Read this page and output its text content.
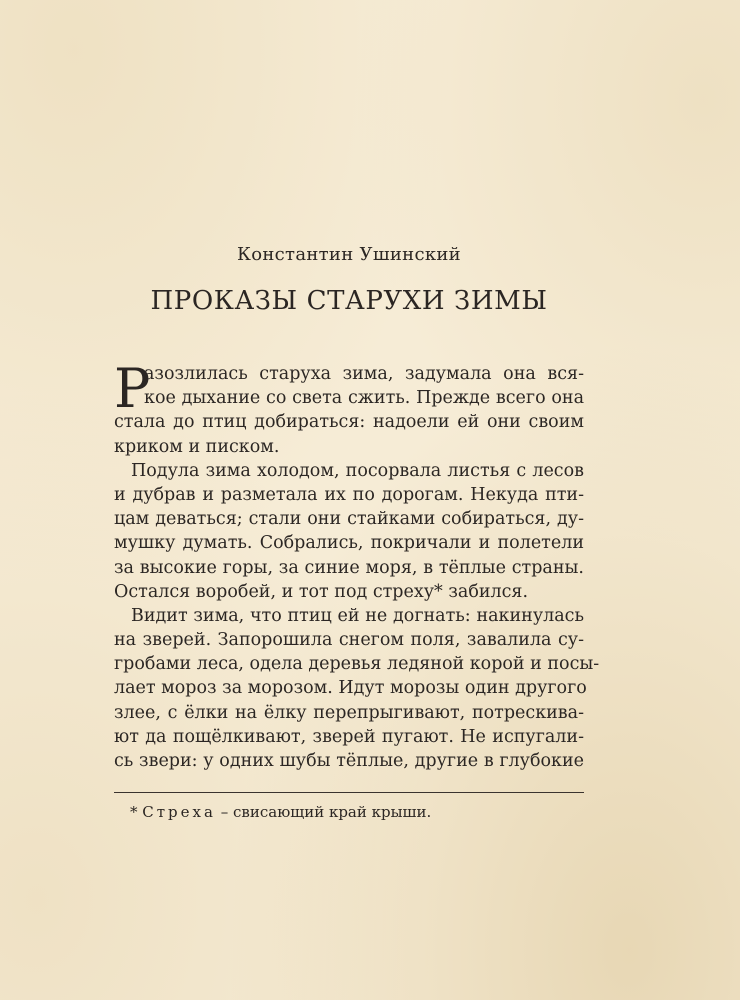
Константин Ушинский
ПРОКАЗЫ СТАРУХИ ЗИМЫ
Р
азозлилась старуха зима, задумала она вся-
кое дыхание со света сжить. Прежде всего она
стала до птиц добираться: надоели ей они своим
криком и писком.
Подула зима холодом, посорвала листья с лесов
и дубрав и разметала их по дорогам. Некуда пти-
цам деваться; стали они стайками собираться, ду-
мушку думать. Собрались, покричали и полетели
за высокие горы, за синие моря, в тёплые страны.
Остался воробей, и тот под стреху* забился.
Видит зима, что птиц ей не догнать: накинулась
на зверей. Запорошила снегом поля, завалила су-
гробами леса, одела деревья ледяной корой и посы-
лает мороз за морозом. Идут морозы один другого
злее, с ёлки на ёлку перепрыгивают, потрескива-
ют да пощёлкивают, зверей пугают. Не испугали-
сь звери: у одних шубы тёплые, другие в глубокие
* Стреха – свисающий край крыши.
